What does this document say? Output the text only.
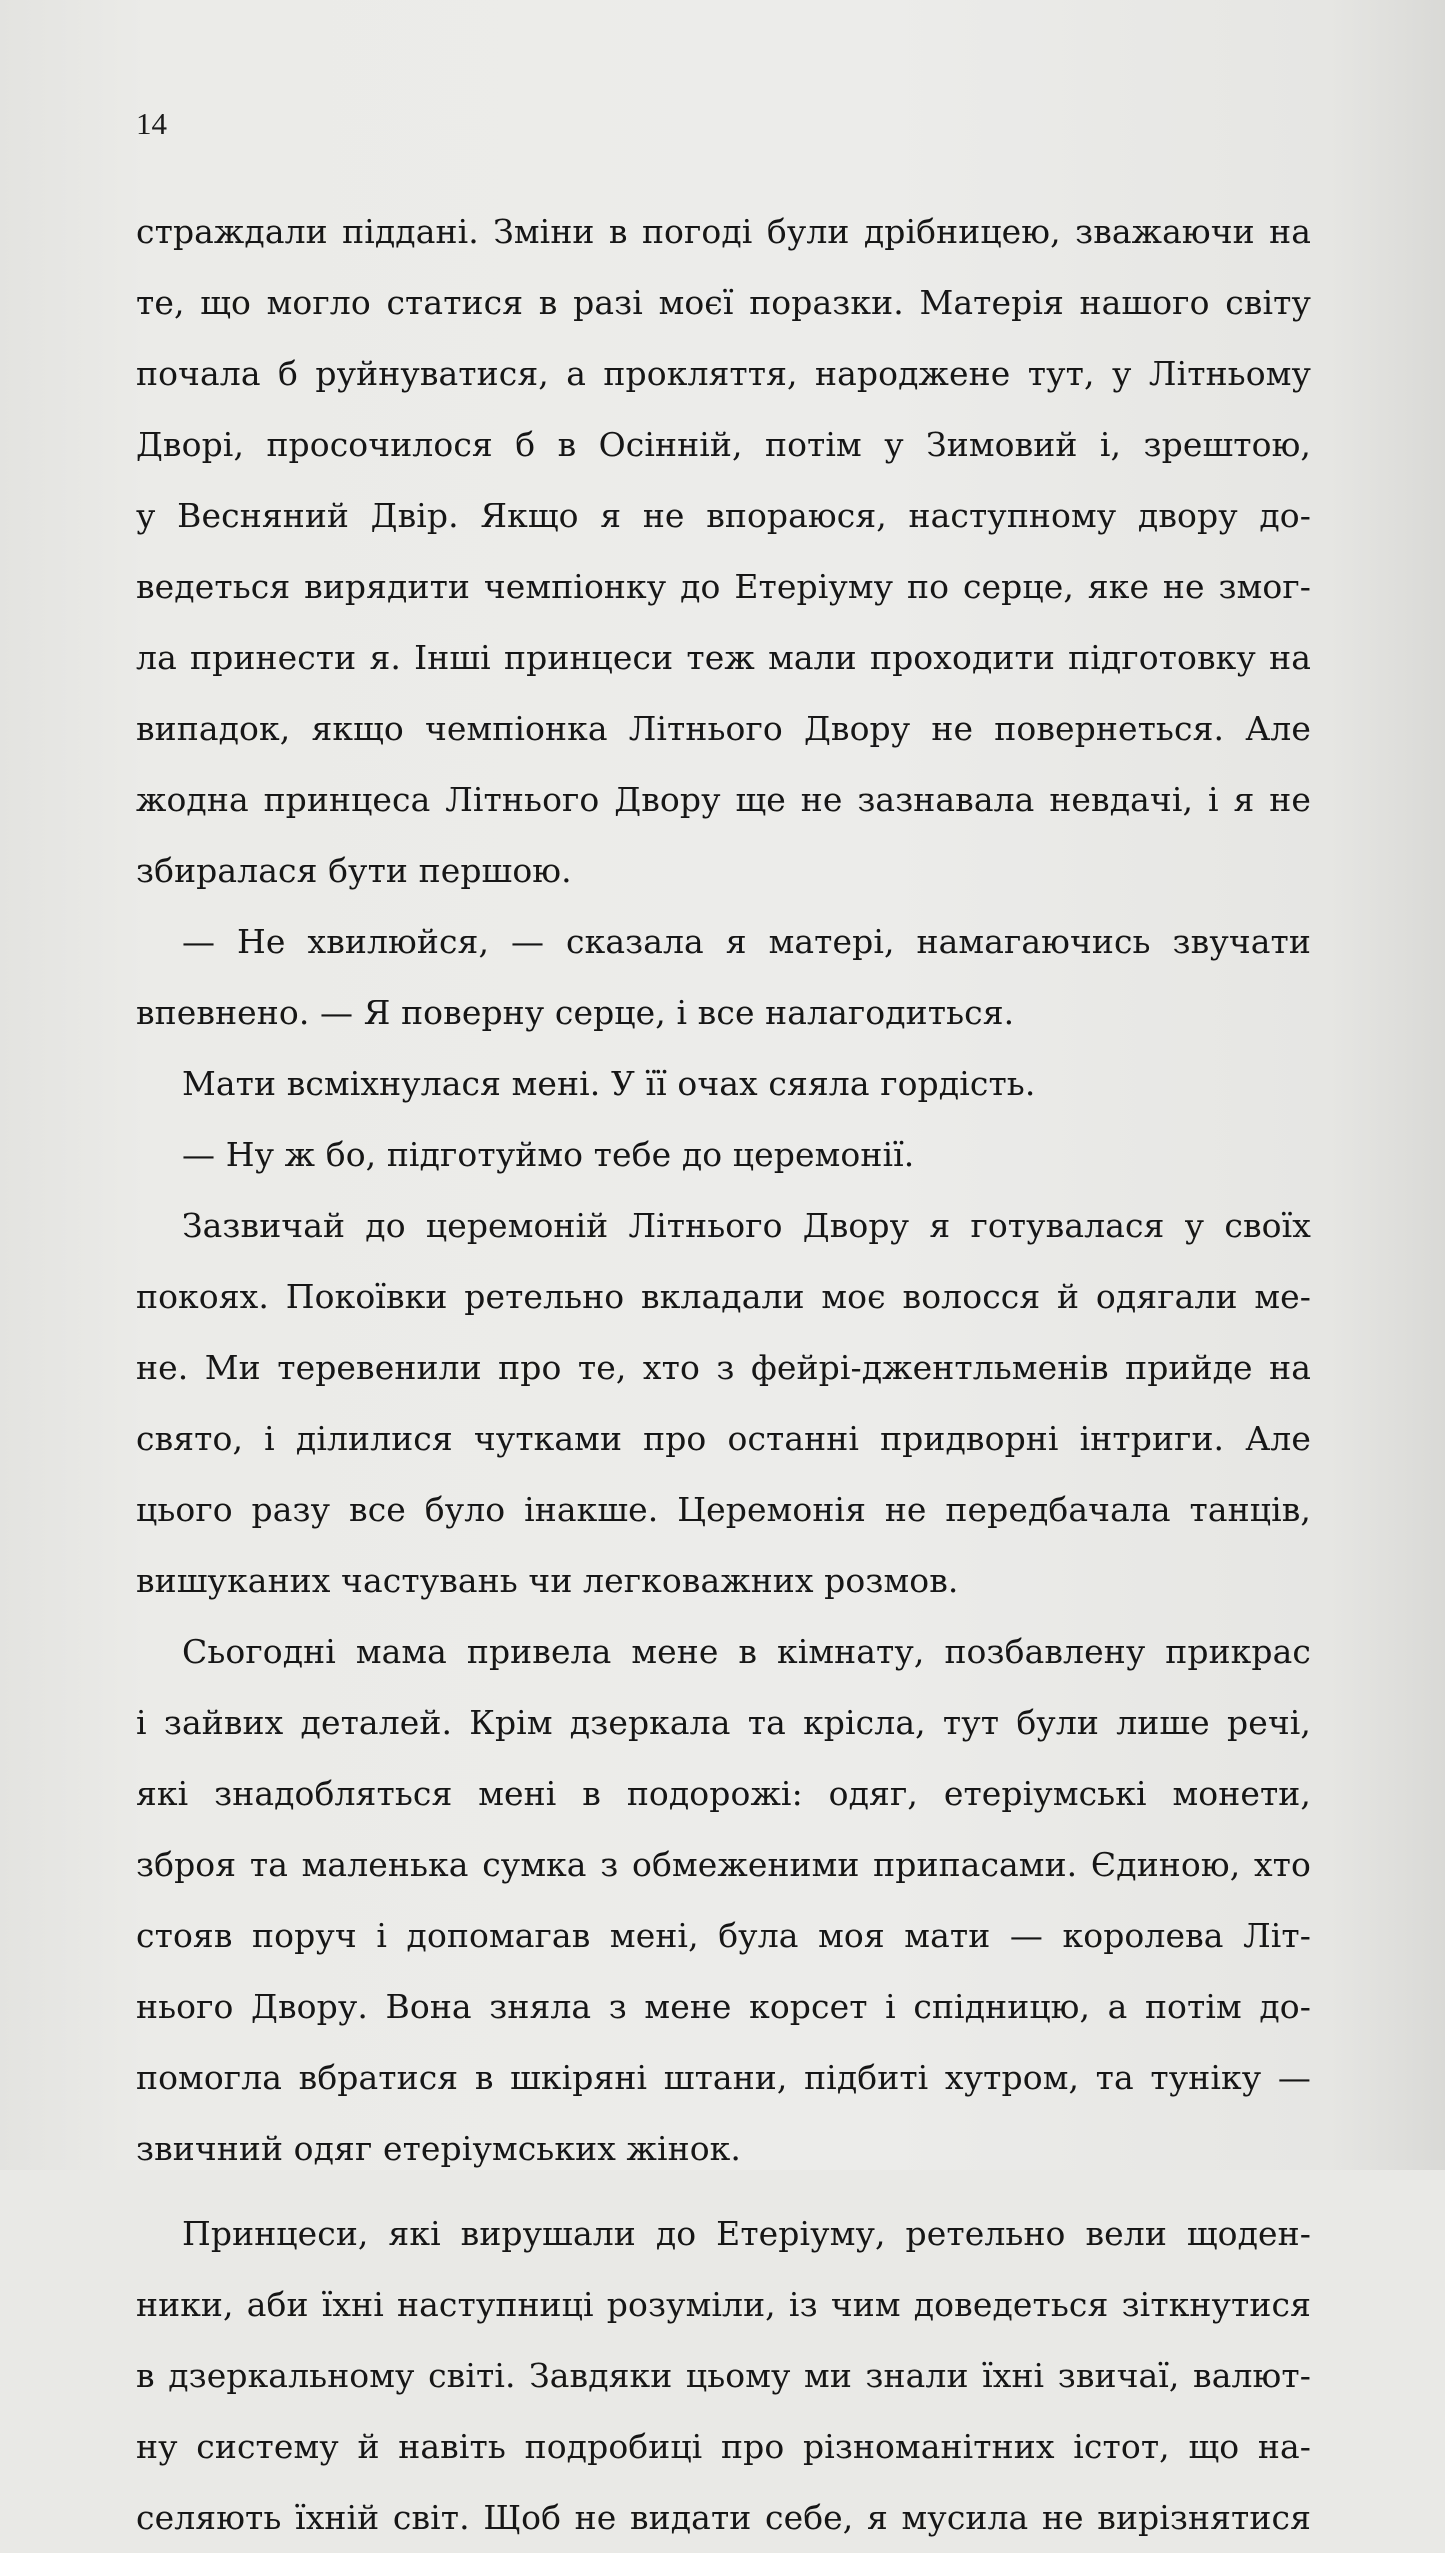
14
страждали піддані. Зміни в погоді були дрібницею, зважаючи на
те, що могло статися в разі моєї поразки. Матерія нашого світу
почала б руйнуватися, а прокляття, народжене тут, у Літньому
Дворі, просочилося б в Осінній, потім у Зимовий і, зрештою,
у Весняний Двір. Якщо я не впораюся, наступному двору до-
ведеться вирядити чемпіонку до Етеріуму по серце, яке не змог-
ла принести я. Інші принцеси теж мали проходити підготовку на
випадок, якщо чемпіонка Літнього Двору не повернеться. Але
жодна принцеса Літнього Двору ще не зазнавала невдачі, і я не
збиралася бути першою.
— Не хвилюйся, — сказала я матері, намагаючись звучати
впевнено. — Я поверну серце, і все налагодиться.
Мати всміхнулася мені. У її очах сяяла гордість.
— Ну ж бо, підготуймо тебе до церемонії.
Зазвичай до церемоній Літнього Двору я готувалася у своїх
покоях. Покоївки ретельно вкладали моє волосся й одягали ме-
не. Ми теревенили про те, хто з фейрі-джентльменів прийде на
свято, і ділилися чутками про останні придворні інтриги. Але
цього разу все було інакше. Церемонія не передбачала танців,
вишуканих частувань чи легковажних розмов.
Сьогодні мама привела мене в кімнату, позбавлену прикрас
і зайвих деталей. Крім дзеркала та крісла, тут були лише речі,
які знадобляться мені в подорожі: одяг, етеріумські монети,
зброя та маленька сумка з обмеженими припасами. Єдиною, хто
стояв поруч і допомагав мені, була моя мати — королева Літ-
нього Двору. Вона зняла з мене корсет і спідницю, а потім до-
помогла вбратися в шкіряні штани, підбиті хутром, та туніку —
звичний одяг етеріумських жінок.
Принцеси, які вирушали до Етеріуму, ретельно вели щоден-
ники, аби їхні наступниці розуміли, із чим доведеться зіткнутися
в дзеркальному світі. Завдяки цьому ми знали їхні звичаї, валют-
ну систему й навіть подробиці про різноманітних істот, що на-
селяють їхній світ. Щоб не видати себе, я мусила не вирізнятися
